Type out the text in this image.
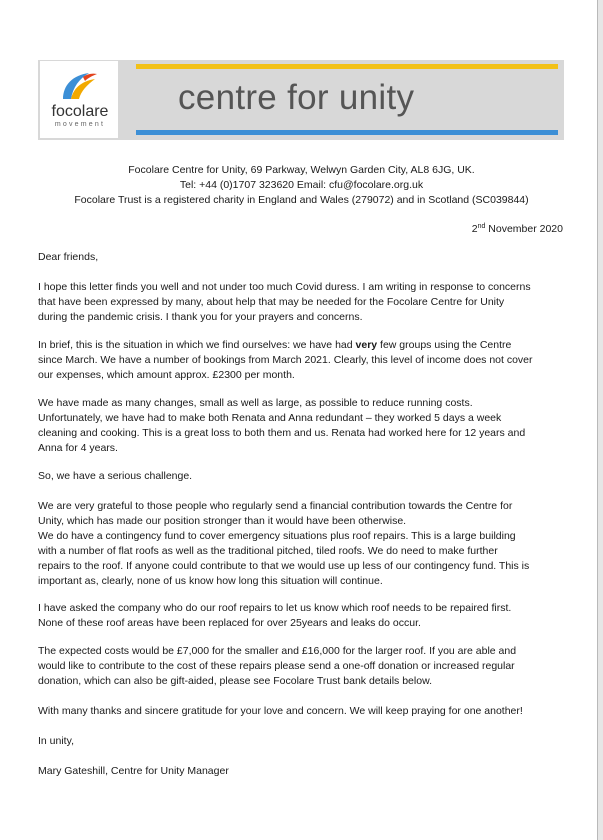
focolare
movement
centre for unity
Focolare Centre for Unity, 69 Parkway, Welwyn Garden City, AL8 6JG, UK.
Tel: +44 (0)1707 323620 Email: cfu@focolare.org.uk
Focolare Trust is a registered charity in England and Wales (279072) and in Scotland (SC039844)
2nd November 2020

Dear friends,

I hope this letter finds you well and not under too much Covid duress. I am writing in response to concerns
that have been expressed by many, about help that may be needed for the Focolare Centre for Unity
during the pandemic crisis. I thank you for your prayers and concerns.

In brief, this is the situation in which we find ourselves: we have had very few groups using the Centre
since March. We have a number of bookings from March 2021. Clearly, this level of income does not cover
our expenses, which amount approx. £2300 per month.

We have made as many changes, small as well as large, as possible to reduce running costs.
Unfortunately, we have had to make both Renata and Anna redundant – they worked 5 days a week
cleaning and cooking. This is a great loss to both them and us. Renata had worked here for 12 years and
Anna for 4 years.

So, we have a serious challenge.

We are very grateful to those people who regularly send a financial contribution towards the Centre for
Unity, which has made our position stronger than it would have been otherwise.
We do have a contingency fund to cover emergency situations plus roof repairs. This is a large building
with a number of flat roofs as well as the traditional pitched, tiled roofs. We do need to make further
repairs to the roof. If anyone could contribute to that we would use up less of our contingency fund. This is
important as, clearly, none of us know how long this situation will continue.

I have asked the company who do our roof repairs to let us know which roof needs to be repaired first.
None of these roof areas have been replaced for over 25years and leaks do occur.

The expected costs would be £7,000 for the smaller and £16,000 for the larger roof. If you are able and
would like to contribute to the cost of these repairs please send a one-off donation or increased regular
donation, which can also be gift-aided, please see Focolare Trust bank details below.

With many thanks and sincere gratitude for your love and concern. We will keep praying for one another!

In unity,

Mary Gateshill, Centre for Unity Manager
